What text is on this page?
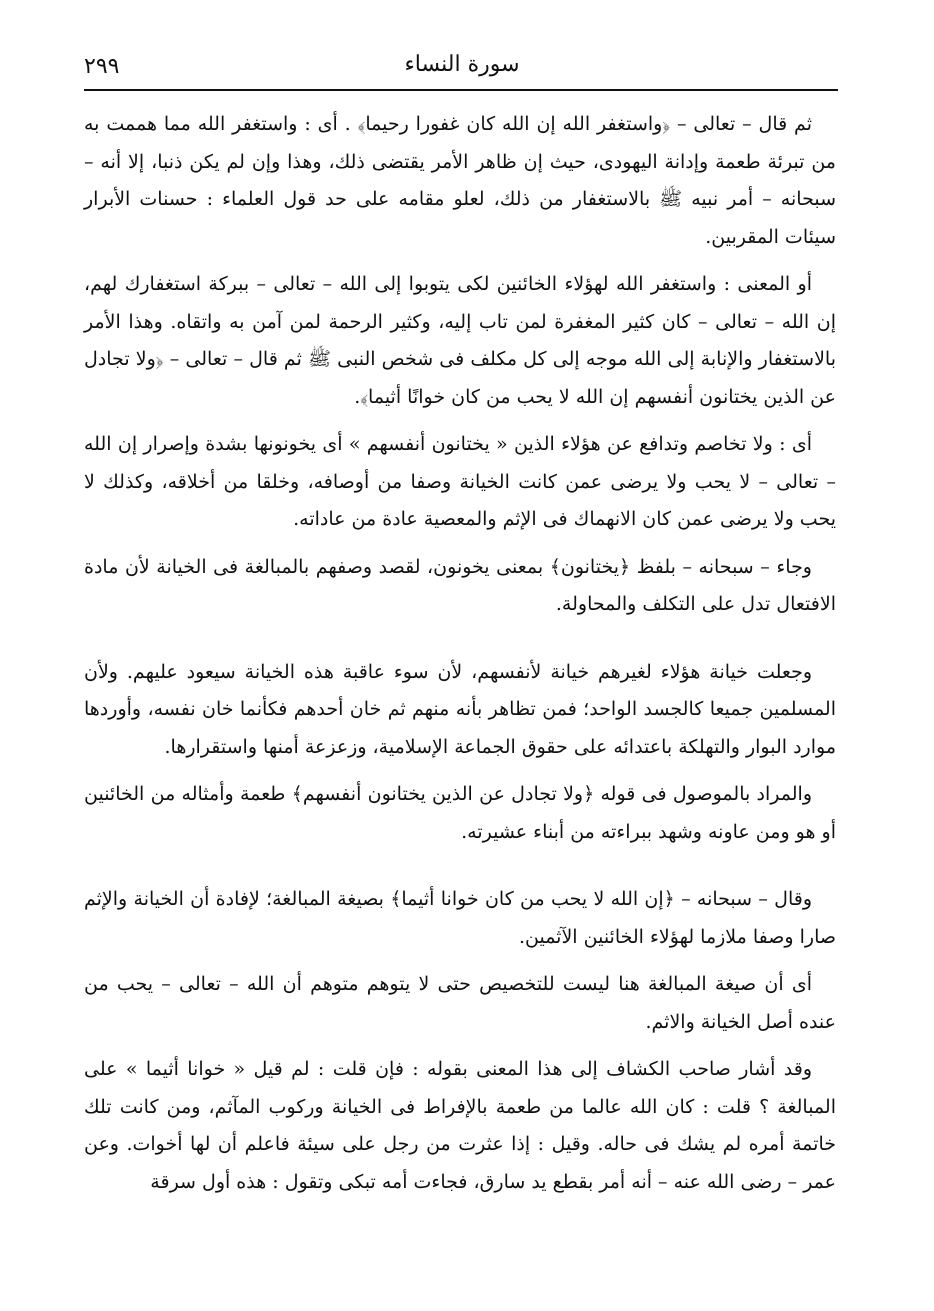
٢٩٩	سورة النساء

ثم قال – تعالى – ﴿واستغفر الله إن الله كان غفورا رحيما﴾ . أى : واستغفر الله مما هممت به من تبرئة طعمة وإدانة اليهودى، حيث إن ظاهر الأمر يقتضى ذلك، وهذا وإن لم يكن ذنبا، إلا أنه – سبحانه – أمر نبيه ﷺ بالاستغفار من ذلك، لعلو مقامه على حد قول العلماء : حسنات الأبرار سيئات المقربين.

أو المعنى : واستغفر الله لهؤلاء الخائنين لكى يتوبوا إلى الله – تعالى – ببركة استغفارك لهم، إن الله – تعالى – كان كثير المغفرة لمن تاب إليه، وكثير الرحمة لمن آمن به واتقاه. وهذا الأمر بالاستغفار والإنابة إلى الله موجه إلى كل مكلف فى شخص النبى ﷺ ثم قال – تعالى – ﴿ولا تجادل عن الذين يختانون أنفسهم إن الله لا يحب من كان خوانًا أثيما﴾.

أى : ولا تخاصم وتدافع عن هؤلاء الذين « يختانون أنفسهم » أى يخونونها بشدة وإصرار إن الله – تعالى – لا يحب ولا يرضى عمن كانت الخيانة وصفا من أوصافه، وخلقا من أخلاقه، وكذلك لا يحب ولا يرضى عمن كان الانهماك فى الإثم والمعصية عادة من عاداته.

وجاء – سبحانه – بلفظ ﴿يختانون﴾ بمعنى يخونون، لقصد وصفهم بالمبالغة فى الخيانة لأن مادة الافتعال تدل على التكلف والمحاولة.

وجعلت خيانة هؤلاء لغيرهم خيانة لأنفسهم، لأن سوء عاقبة هذه الخيانة سيعود عليهم. ولأن المسلمين جميعا كالجسد الواحد؛ فمن تظاهر بأنه منهم ثم خان أحدهم فكأنما خان نفسه، وأوردها موارد البوار والتهلكة باعتدائه على حقوق الجماعة الإسلامية، وزعزعة أمنها واستقرارها.

والمراد بالموصول فى قوله ﴿ولا تجادل عن الذين يختانون أنفسهم﴾ طعمة وأمثاله من الخائنين أو هو ومن عاونه وشهد ببراءته من أبناء عشيرته.

وقال – سبحانه – ﴿إن الله لا يحب من كان خوانا أثيما﴾ بصيغة المبالغة؛ لإفادة أن الخيانة والإثم صارا وصفا ملازما لهؤلاء الخائنين الآثمين.

أى أن صيغة المبالغة هنا ليست للتخصيص حتى لا يتوهم متوهم أن الله – تعالى – يحب من عنده أصل الخيانة والاثم.

وقد أشار صاحب الكشاف إلى هذا المعنى بقوله : فإن قلت : لم قيل « خوانا أثيما » على المبالغة ؟ قلت : كان الله عالما من طعمة بالإفراط فى الخيانة وركوب المآثم، ومن كانت تلك خاتمة أمره لم يشك فى حاله. وقيل : إذا عثرت من رجل على سيئة فاعلم أن لها أخوات. وعن عمر – رضى الله عنه – أنه أمر بقطع يد سارق، فجاءت أمه تبكى وتقول : هذه أول سرقة
